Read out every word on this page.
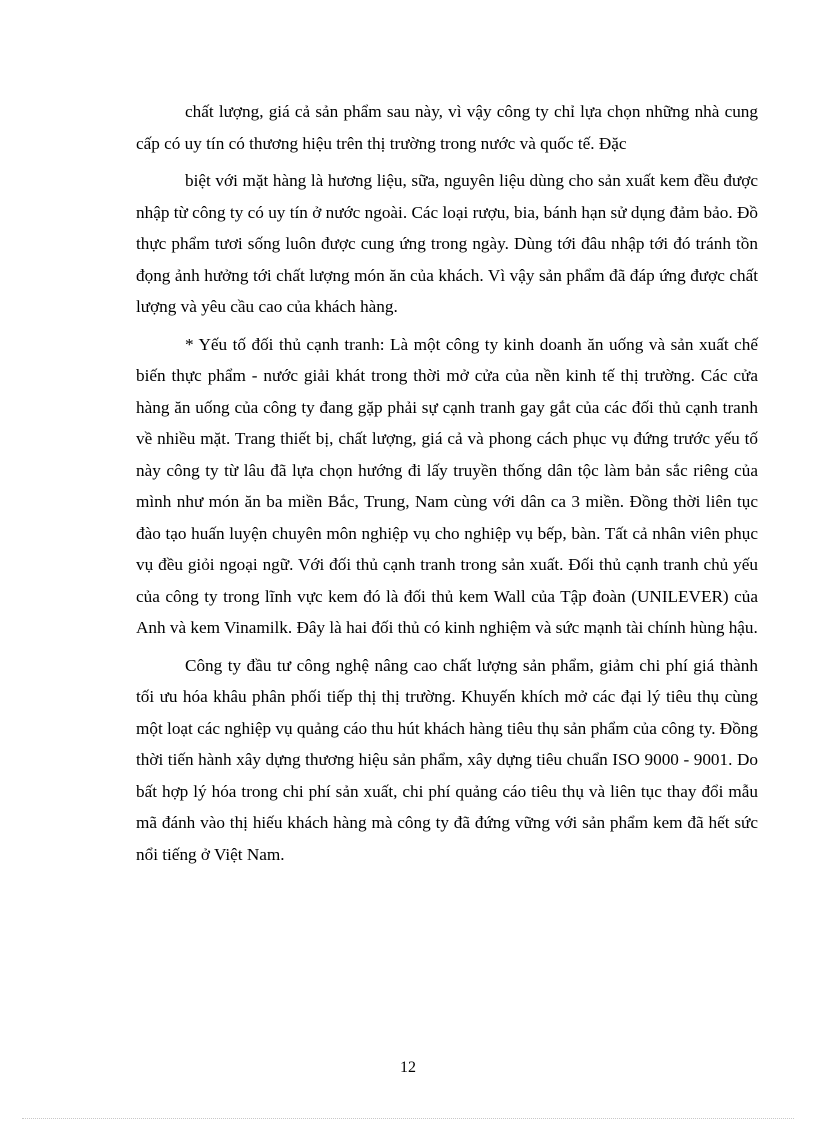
chất lượng, giá cả sản phẩm sau này, vì vậy công ty chỉ lựa chọn những nhà cung cấp có uy tín có thương hiệu trên thị trường trong nước và quốc tế. Đặc

biệt với mặt hàng là hương liệu, sữa, nguyên liệu dùng cho sản xuất kem đều được nhập từ công ty có uy tín ở nước ngoài. Các loại rượu, bia, bánh hạn sử dụng đảm bảo. Đồ thực phẩm tươi sống luôn được cung ứng trong ngày. Dùng tới đâu nhập tới đó tránh tồn đọng ảnh hưởng tới chất lượng món ăn của khách. Vì vậy sản phẩm đã đáp ứng được chất lượng và yêu cầu cao của khách hàng.

* Yếu tố đối thủ cạnh tranh: Là một công ty kinh doanh ăn uống và sản xuất chế biến thực phẩm - nước giải khát trong thời mở cửa của nền kinh tế thị trường. Các cửa hàng ăn uống của công ty đang gặp phải sự cạnh tranh gay gắt của các đối thủ cạnh tranh về nhiều mặt. Trang thiết bị, chất lượng, giá cả và phong cách phục vụ đứng trước yếu tố này công ty từ lâu đã lựa chọn hướng đi lấy truyền thống dân tộc làm bản sắc riêng của mình như món ăn ba miền Bắc, Trung, Nam cùng với dân ca 3 miền. Đồng thời liên tục đào tạo huấn luyện chuyên môn nghiệp vụ cho nghiệp vụ bếp, bàn. Tất cả nhân viên phục vụ đều giỏi ngoại ngữ. Với đối thủ cạnh tranh trong sản xuất. Đối thủ cạnh tranh chủ yếu của công ty trong lĩnh vực kem đó là đối thủ kem Wall của Tập đoàn (UNILEVER) của Anh và kem Vinamilk. Đây là hai đối thủ có kinh nghiệm và sức mạnh tài chính hùng hậu.

Công ty đầu tư công nghệ nâng cao chất lượng sản phẩm, giảm chi phí giá thành tối ưu hóa khâu phân phối tiếp thị thị trường. Khuyến khích mở các đại lý tiêu thụ cùng một loạt các nghiệp vụ quảng cáo thu hút khách hàng tiêu thụ sản phẩm của công ty. Đồng thời tiến hành xây dựng thương hiệu sản phẩm, xây dựng tiêu chuẩn ISO 9000 - 9001. Do bất hợp lý hóa trong chi phí sản xuất, chi phí quảng cáo tiêu thụ và liên tục thay đổi mẫu mã đánh vào thị hiếu khách hàng mà công ty đã đứng vững với sản phẩm kem đã hết sức nổi tiếng ở Việt Nam.

12
